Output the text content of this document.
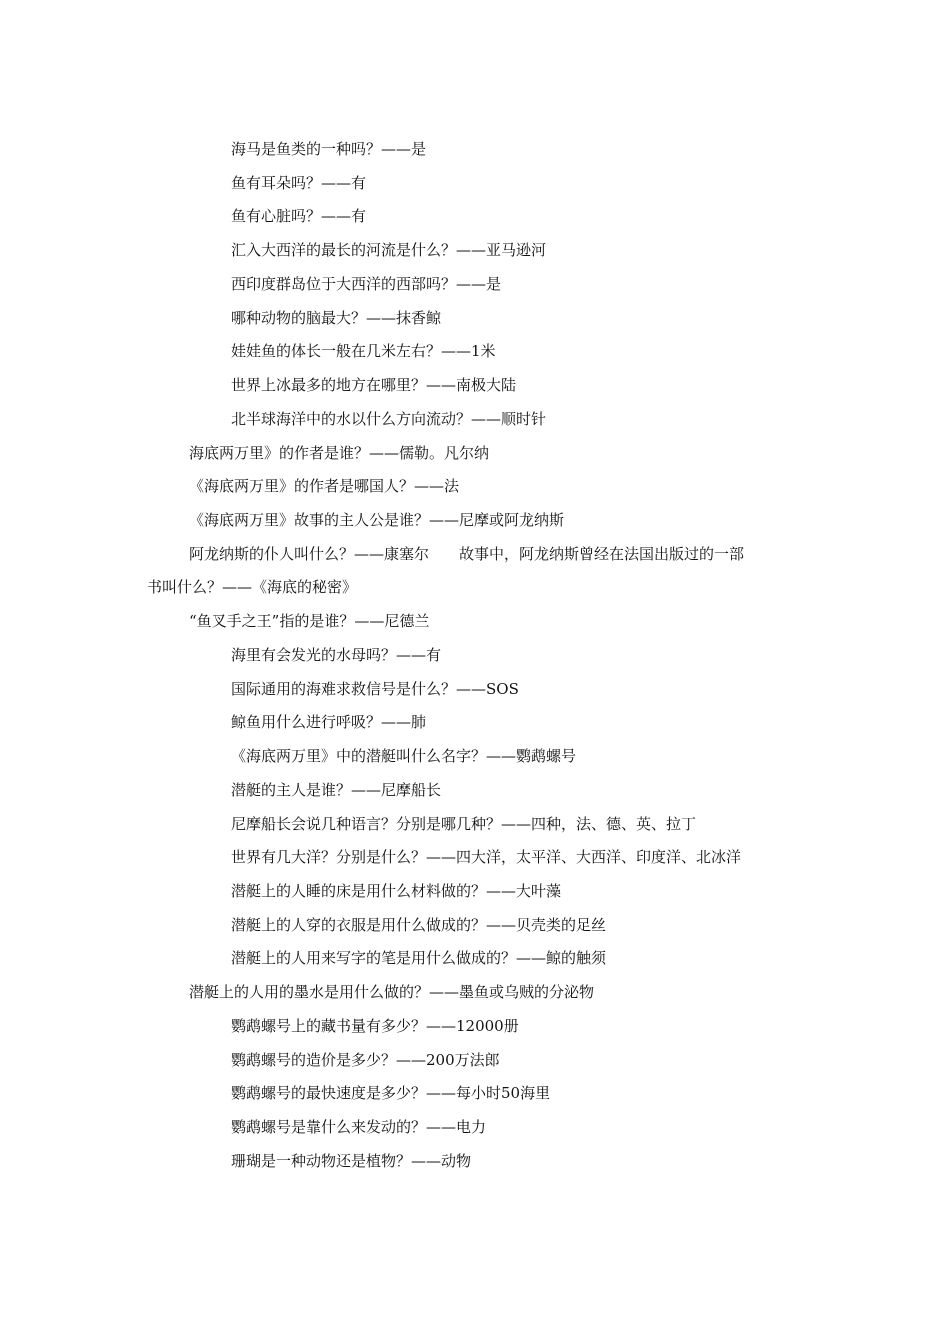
海马是鱼类的一种吗？——是

鱼有耳朵吗？——有

鱼有心脏吗？——有

汇入大西洋的最长的河流是什么？——亚马逊河

西印度群岛位于大西洋的西部吗？——是

哪种动物的脑最大？——抹香鲸

娃娃鱼的体长一般在几米左右？——1米

世界上冰最多的地方在哪里？——南极大陆

北半球海洋中的水以什么方向流动？——顺时针

海底两万里》的作者是谁？——儒勒。凡尔纳

《海底两万里》的作者是哪国人？——法

《海底两万里》故事的主人公是谁？——尼摩或阿龙纳斯

阿龙纳斯的仆人叫什么？——康塞尔　　故事中，阿龙纳斯曾经在法国出版过的一部

书叫什么？——《海底的秘密》

“鱼叉手之王”指的是谁？——尼德兰

海里有会发光的水母吗？——有

国际通用的海难求救信号是什么？——SOS

鲸鱼用什么进行呼吸？——肺

《海底两万里》中的潜艇叫什么名字？——鹦鹉螺号

潜艇的主人是谁？——尼摩船长

尼摩船长会说几种语言？分别是哪几种？——四种，法、德、英、拉丁

世界有几大洋？分别是什么？——四大洋，太平洋、大西洋、印度洋、北冰洋

潜艇上的人睡的床是用什么材料做的？——大叶藻

潜艇上的人穿的衣服是用什么做成的？——贝壳类的足丝

潜艇上的人用来写字的笔是用什么做成的？——鲸的触须

潜艇上的人用的墨水是用什么做的？——墨鱼或乌贼的分泌物

鹦鹉螺号上的藏书量有多少？——12000册

鹦鹉螺号的造价是多少？——200万法郎

鹦鹉螺号的最快速度是多少？——每小时50海里

鹦鹉螺号是靠什么来发动的？——电力

珊瑚是一种动物还是植物？——动物
